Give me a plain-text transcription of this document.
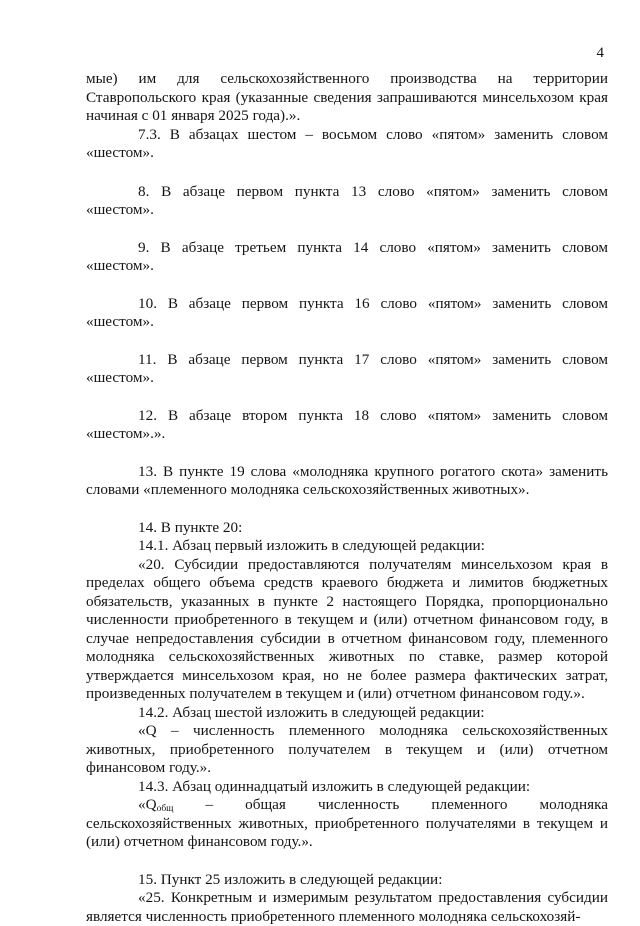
4

мые) им для сельскохозяйственного производства на территории Ставропольского края (указанные сведения запрашиваются минсельхозом края начиная с 01 января 2025 года).».

7.3. В абзацах шестом – восьмом слово «пятом» заменить словом «шестом».

8. В абзаце первом пункта 13 слово «пятом» заменить словом «шестом».

9. В абзаце третьем пункта 14 слово «пятом» заменить словом «шестом».

10. В абзаце первом пункта 16 слово «пятом» заменить словом «шестом».

11. В абзаце первом пункта 17 слово «пятом» заменить словом «шестом».

12. В абзаце втором пункта 18 слово «пятом» заменить словом «шестом».».

13. В пункте 19 слова «молодняка крупного рогатого скота» заменить словами «племенного молодняка сельскохозяйственных животных».

14. В пункте 20:

14.1. Абзац первый изложить в следующей редакции:

«20. Субсидии предоставляются получателям минсельхозом края в пределах общего объема средств краевого бюджета и лимитов бюджетных обязательств, указанных в пункте 2 настоящего Порядка, пропорционально численности приобретенного в текущем и (или) отчетном финансовом году, в случае непредоставления субсидии в отчетном финансовом году, племенного молодняка сельскохозяйственных животных по ставке, размер которой утверждается минсельхозом края, но не более размера фактических затрат, произведенных получателем в текущем и (или) отчетном финансовом году.».

14.2. Абзац шестой изложить в следующей редакции:

«Q – численность племенного молодняка сельскохозяйственных животных, приобретенного получателем в текущем и (или) отчетном финансовом году.».

14.3. Абзац одиннадцатый изложить в следующей редакции:

«$Q_{общ}$ – общая численность племенного молодняка сельскохозяйственных животных, приобретенного получателями в текущем и (или) отчетном финансовом году.».

15. Пункт 25 изложить в следующей редакции:

«25. Конкретным и измеримым результатом предоставления субсидии является численность приобретенного племенного молодняка сельскохозяй-
